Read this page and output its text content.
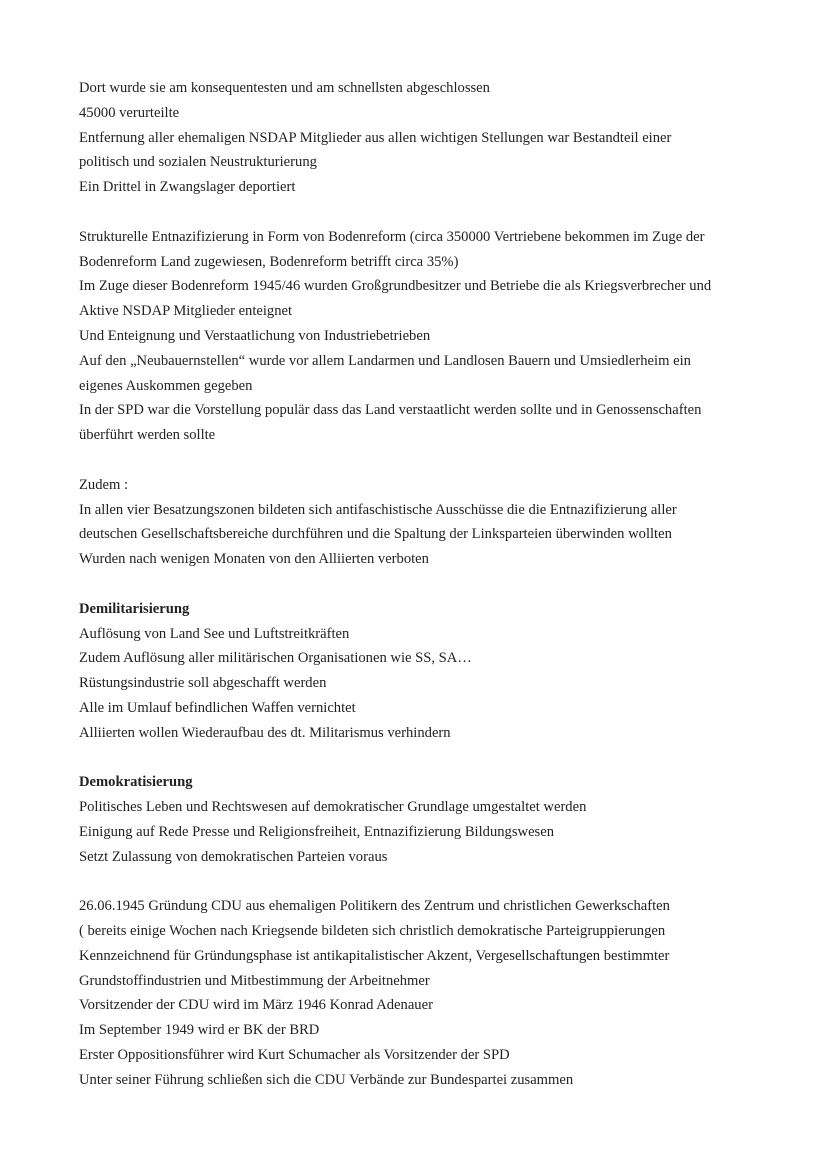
Dort wurde sie am konsequentesten und am schnellsten abgeschlossen

45000 verurteilte

Entfernung aller ehemaligen NSDAP Mitglieder aus allen wichtigen Stellungen war Bestandteil einer

politisch und sozialen Neustrukturierung

Ein Drittel in Zwangslager deportiert

Strukturelle Entnazifizierung in Form von Bodenreform (circa 350000 Vertriebene bekommen im Zuge der

Bodenreform Land zugewiesen, Bodenreform betrifft circa 35%)

Im Zuge dieser Bodenreform 1945/46 wurden Großgrundbesitzer und Betriebe die als Kriegsverbrecher und

Aktive NSDAP Mitglieder enteignet

Und Enteignung und Verstaatlichung von Industriebetrieben

Auf den „Neubauernstellen“ wurde vor allem Landarmen und Landlosen Bauern und Umsiedlerheim ein

eigenes Auskommen gegeben

In der SPD war die Vorstellung populär dass das Land verstaatlicht werden sollte und in Genossenschaften

überführt werden sollte

Zudem :

In allen vier Besatzungszonen bildeten sich antifaschistische Ausschüsse die die Entnazifizierung aller

deutschen Gesellschaftsbereiche durchführen und die Spaltung der Linksparteien überwinden wollten

Wurden nach wenigen Monaten von den Alliierten verboten

Demilitarisierung

Auflösung von Land See und Luftstreitkräften

Zudem Auflösung aller militärischen Organisationen wie SS, SA…

Rüstungsindustrie soll abgeschafft werden

Alle im Umlauf befindlichen Waffen vernichtet

Alliierten wollen Wiederaufbau des dt. Militarismus verhindern

Demokratisierung

Politisches Leben und Rechtswesen auf demokratischer Grundlage umgestaltet werden

Einigung auf Rede Presse und Religionsfreiheit, Entnazifizierung Bildungswesen

Setzt Zulassung von demokratischen Parteien voraus

26.06.1945 Gründung CDU aus ehemaligen Politikern des Zentrum und christlichen Gewerkschaften

( bereits einige Wochen nach Kriegsende bildeten sich christlich demokratische Parteigruppierungen

Kennzeichnend für Gründungsphase ist antikapitalistischer Akzent, Vergesellschaftungen bestimmter

Grundstoffindustrien und Mitbestimmung der Arbeitnehmer

Vorsitzender der CDU wird im März 1946 Konrad Adenauer

Im September 1949 wird er BK der BRD

Erster Oppositionsführer wird Kurt Schumacher als Vorsitzender der SPD

Unter seiner Führung schließen sich die CDU Verbände zur Bundespartei zusammen
